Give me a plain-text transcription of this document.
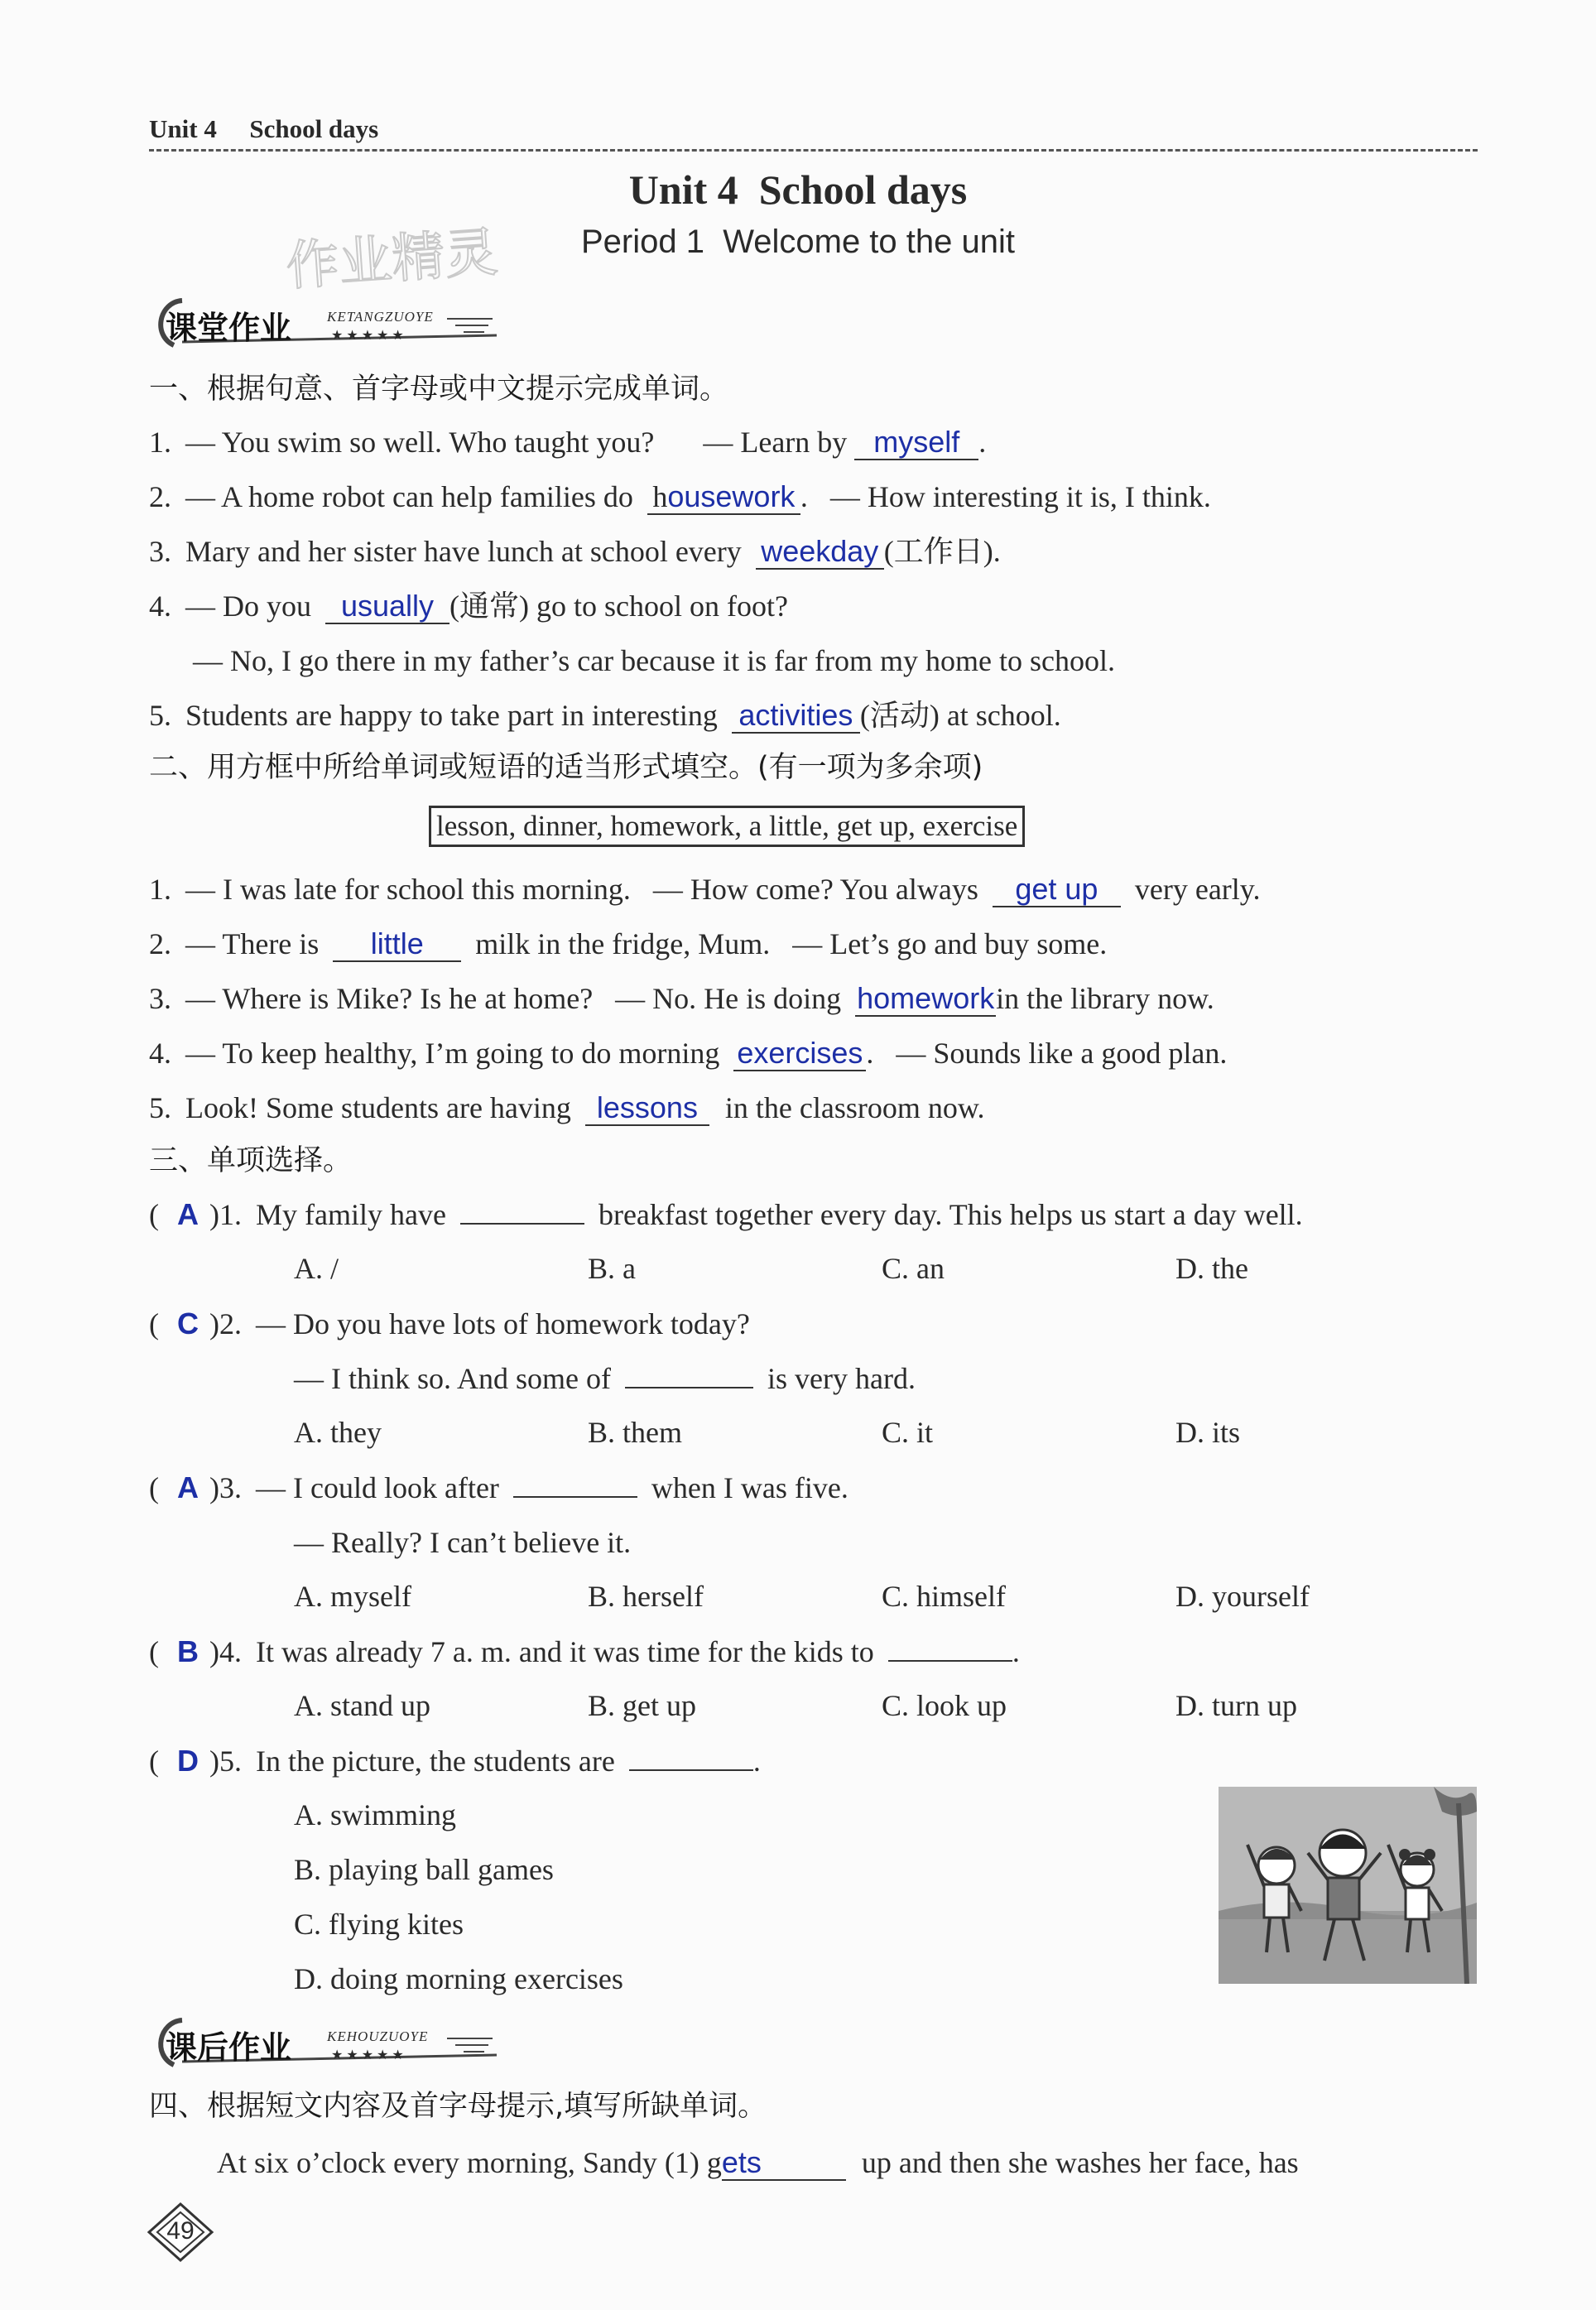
Unit 4 School days
Unit 4  School days
Period 1  Welcome to the unit
作业精灵
课堂作业	KETANGZUOYE
★ ★ ★ ★ ★
一、根据句意、首字母或中文提示完成单词。
1. — You swim so well. Who taught you? — Learn by myself .
2. — A home robot can help families do housework .   — How interesting it is, I think.
3. Mary and her sister have lunch at school every weekday (工作日).
4. — Do you usually (通常) go to school on foot?
— No, I go there in my father’s car because it is far from my home to school.
5. Students are happy to take part in interesting activities (活动) at school.
二、用方框中所给单词或短语的适当形式填空。(有一项为多余项)
lesson, dinner, homework, a little, get up, exercise
1. — I was late for school this morning.   — How come? You always get up very early.
2. — There is little milk in the fridge, Mum.   — Let’s go and buy some.
3. — Where is Mike? Is he at home?   — No. He is doing homeworkin the library now.
4. — To keep healthy, I’m going to do morning exercises .   — Sounds like a good plan.
5. Look! Some students are having lessons in the classroom now.
三、单项选择。
( A )1. My family have	breakfast together every day. This helps us start a day well.
A. /	B. a	C. an	D. the
( C )2. — Do you have lots of homework today?
— I think so. And some of	is very hard.
A. they	B. them	C. it	D. its
( A )3. — I could look after	when I was five.
— Really? I can’t believe it.
A. myself	B. herself	C. himself	D. yourself
( B )4. It was already 7 a. m. and it was time for the kids to	.
A. stand up	B. get up	C. look up	D. turn up
( D )5. In the picture, the students are	.
A. swimming
B. playing ball games
C. flying kites
D. doing morning exercises
课后作业	KEHOUZUOYE
★ ★ ★ ★ ★
四、根据短文内容及首字母提示,填写所缺单词。
At six o’clock every morning, Sandy (1) gets	up and then she washes her face, has
49
